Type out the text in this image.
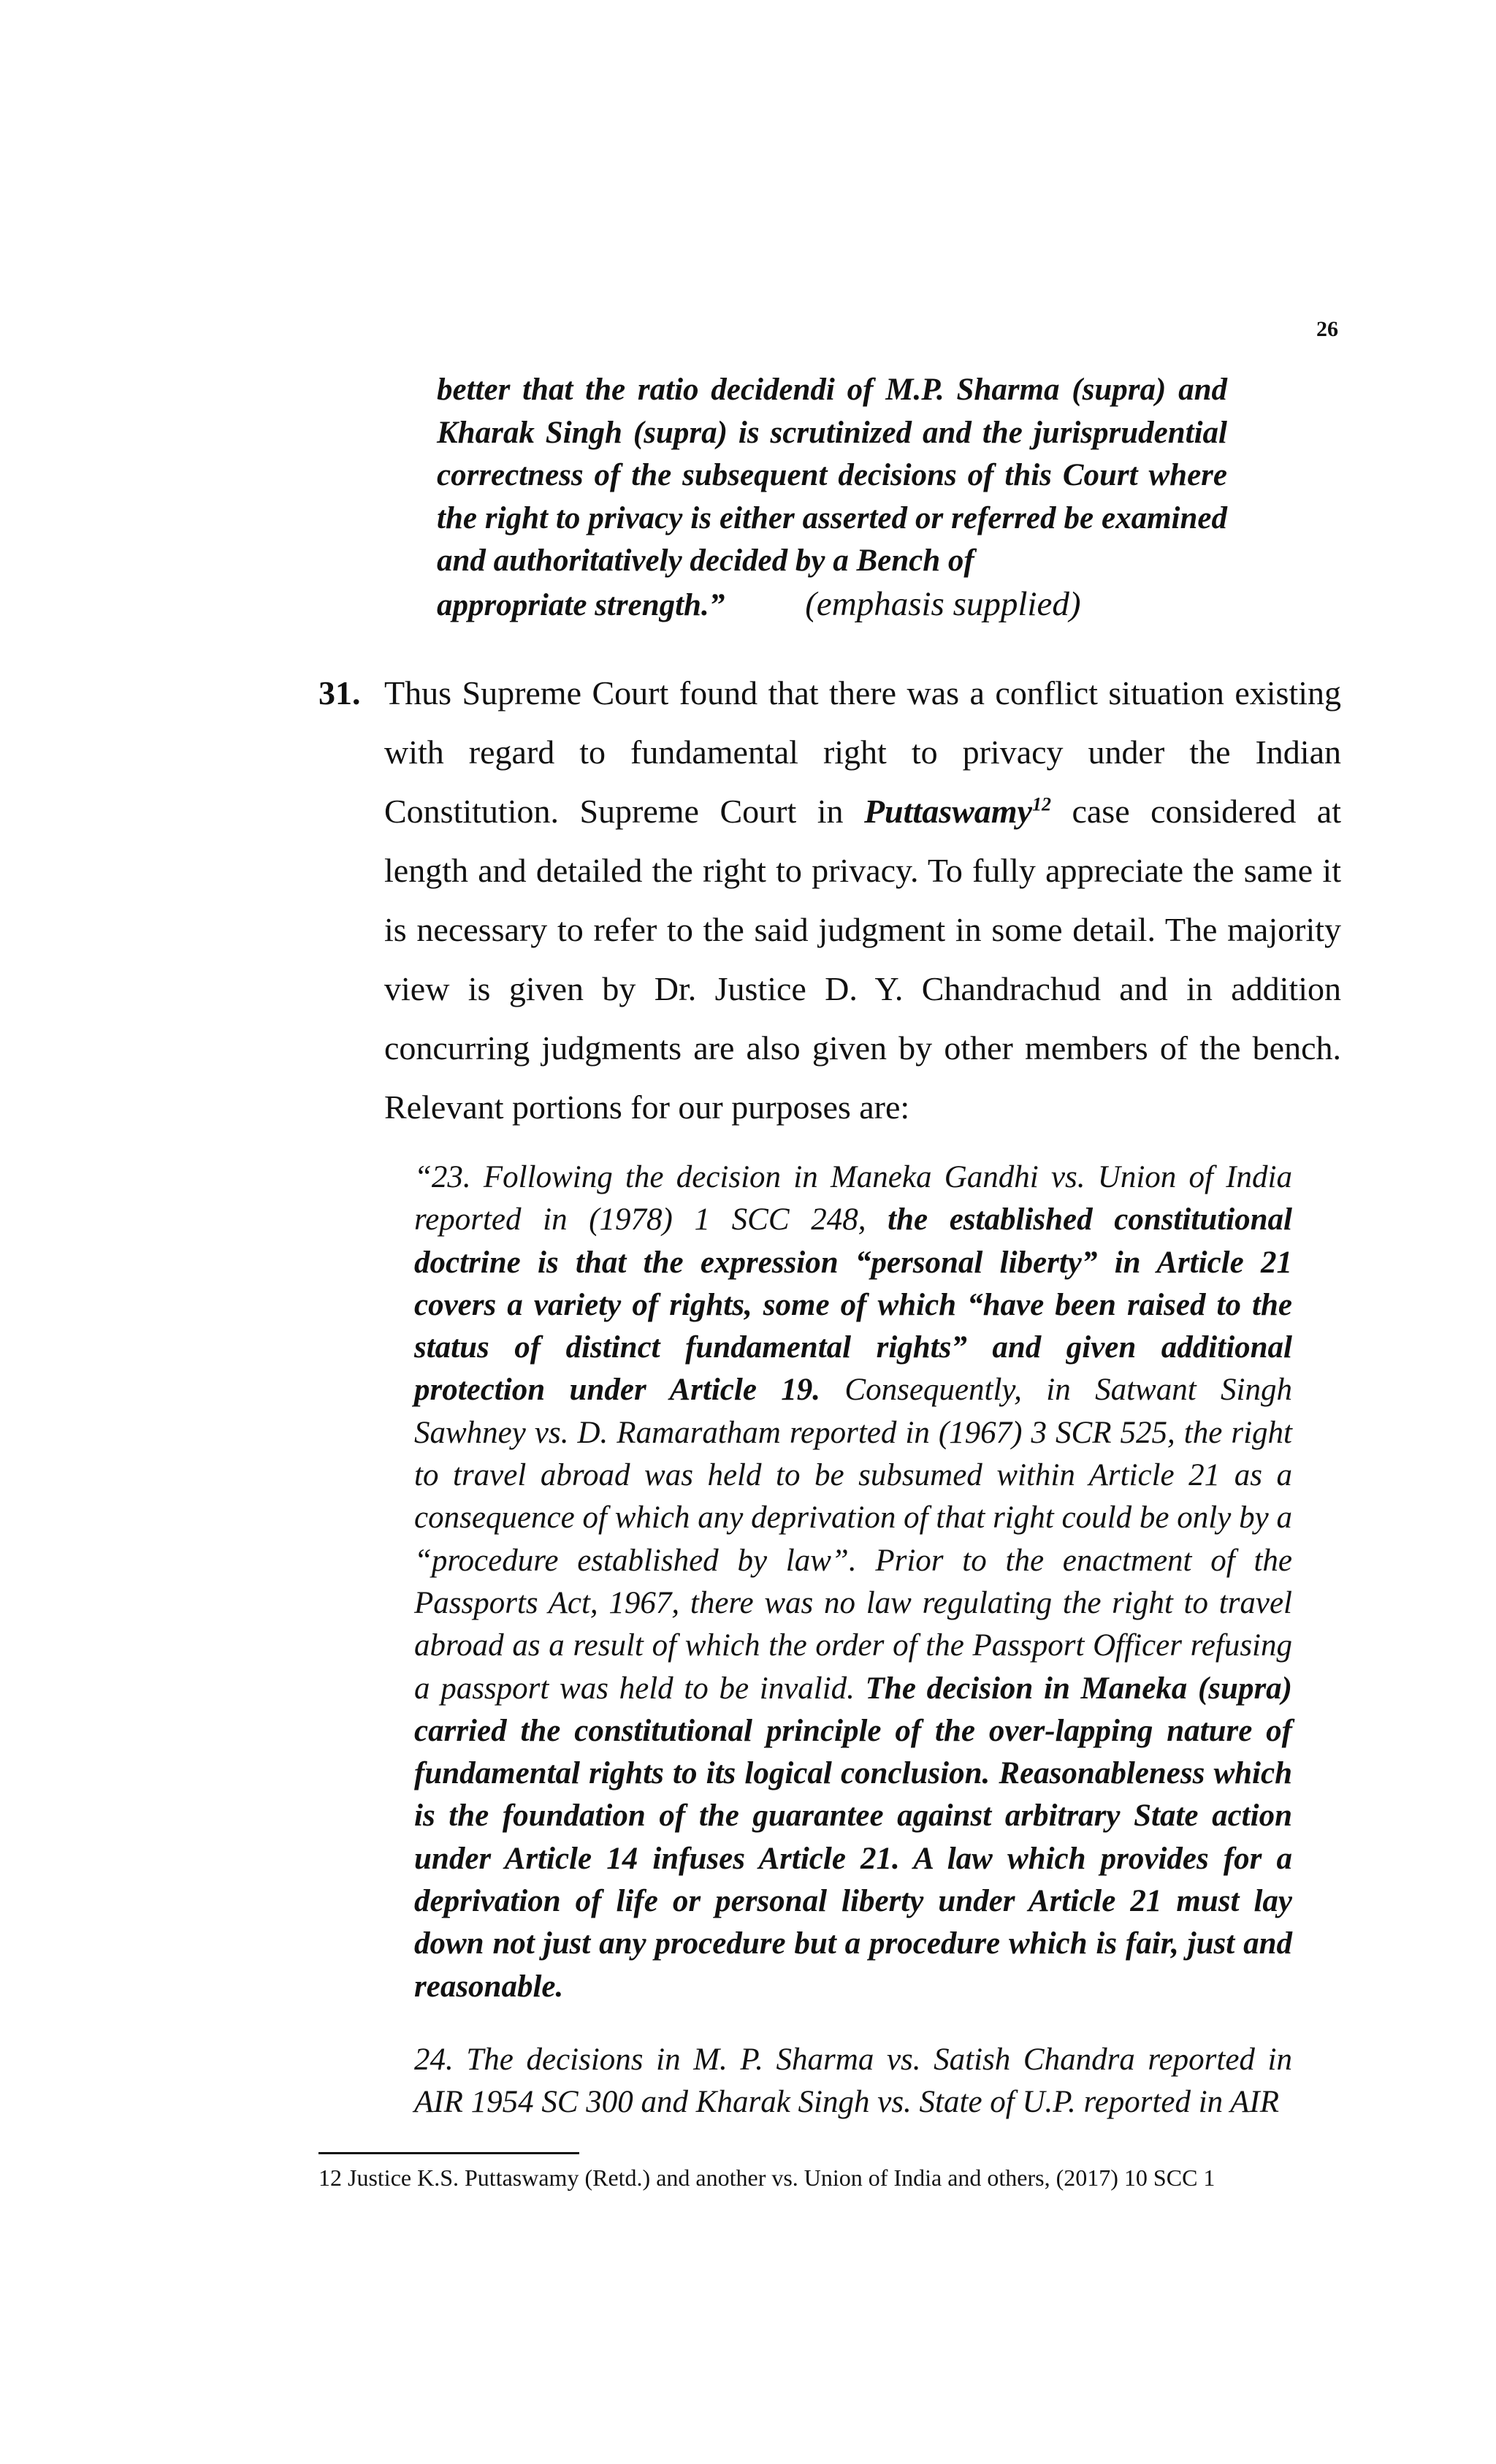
26
better that the ratio decidendi of M.P. Sharma (supra) and Kharak Singh (supra) is scrutinized and the jurisprudential correctness of the subsequent decisions of this Court where the right to privacy is either asserted or referred be examined and authoritatively decided by a Bench of
appropriate strength.” (emphasis supplied)
31. Thus Supreme Court found that there was a conflict situation existing with regard to fundamental right to privacy under the Indian Constitution. Supreme Court in Puttaswamy$^{12}$ case considered at length and detailed the right to privacy. To fully appreciate the same it is necessary to refer to the said judgment in some detail. The majority view is given by Dr. Justice D. Y. Chandrachud and in addition concurring judgments are also given by other members of the bench. Relevant portions for our purposes are:

“23. Following the decision in Maneka Gandhi vs. Union of India reported in (1978) 1 SCC 248, the established constitutional doctrine is that the expression “personal liberty” in Article 21 covers a variety of rights, some of which “have been raised to the status of distinct fundamental rights” and given additional protection under Article 19. Consequently, in Satwant Singh Sawhney vs. D. Ramaratham reported in (1967) 3 SCR 525, the right to travel abroad was held to be subsumed within Article 21 as a consequence of which any deprivation of that right could be only by a “procedure established by law”. Prior to the enactment of the Passports Act, 1967, there was no law regulating the right to travel abroad as a result of which the order of the Passport Officer refusing a passport was held to be invalid. The decision in Maneka (supra) carried the constitutional principle of the over-lapping nature of fundamental rights to its logical conclusion. Reasonableness which is the foundation of the guarantee against arbitrary State action under Article 14 infuses Article 21. A law which provides for a deprivation of life or personal liberty under Article 21 must lay down not just any procedure but a procedure which is fair, just and reasonable.

24. The decisions in M. P. Sharma vs. Satish Chandra reported in AIR 1954 SC 300 and Kharak Singh vs. State of U.P. reported in AIR

12 Justice K.S. Puttaswamy (Retd.) and another vs. Union of India and others, (2017) 10 SCC 1
